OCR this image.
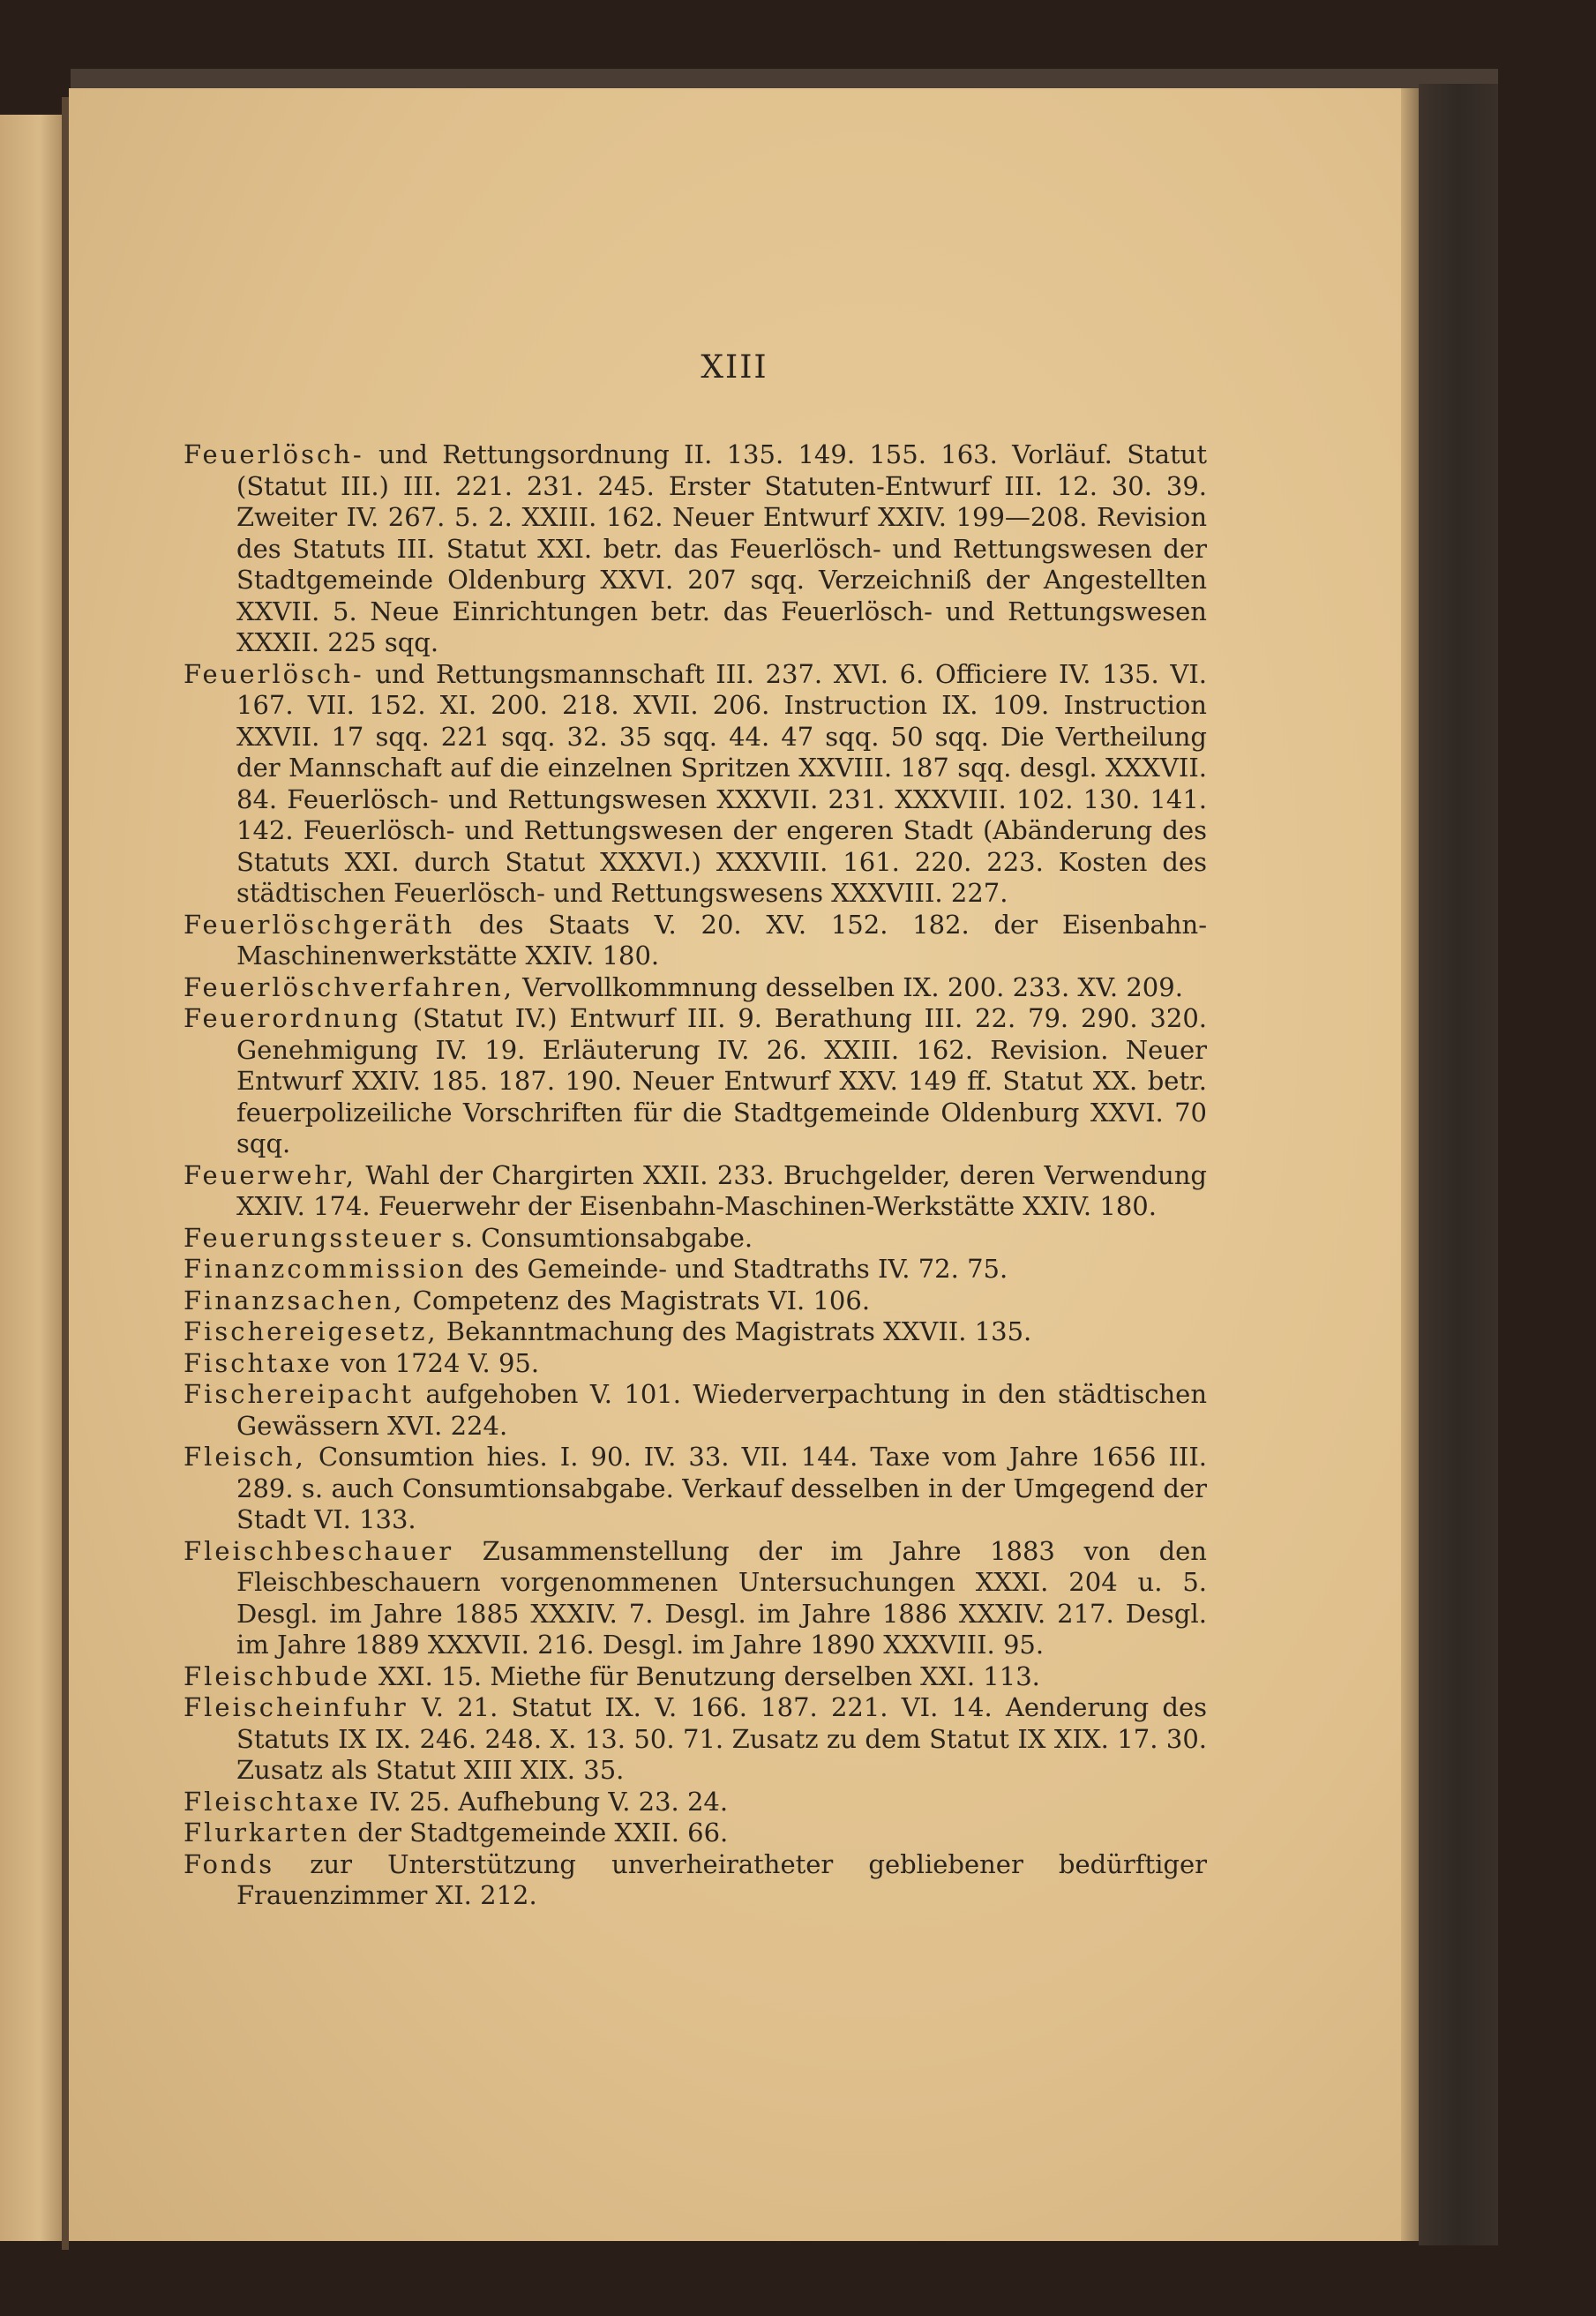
XIII

Feuerlösch- und Rettungsordnung II. 135. 149. 155. 163. Vorläuf. Statut (Statut III.) III. 221. 231. 245. Erster Statuten-Entwurf III. 12. 30. 39. Zweiter IV. 267. 5. 2. XXIII. 162. Neuer Entwurf XXIV. 199—208. Revision des Statuts III. Statut XXI. betr. das Feuerlösch- und Rettungswesen der Stadtgemeinde Oldenburg XXVI. 207 sqq. Verzeichniß der Angestellten XXVII. 5. Neue Einrichtungen betr. das Feuerlösch- und Rettungswesen XXXII. 225 sqq.

Feuerlösch- und Rettungsmannschaft III. 237. XVI. 6. Officiere IV. 135. VI. 167. VII. 152. XI. 200. 218. XVII. 206. Instruction IX. 109. Instruction XXVII. 17 sqq. 221 sqq. 32. 35 sqq. 44. 47 sqq. 50 sqq. Die Vertheilung der Mannschaft auf die einzelnen Spritzen XXVIII. 187 sqq. desgl. XXXVII. 84. Feuerlösch- und Rettungswesen XXXVII. 231. XXXVIII. 102. 130. 141. 142. Feuerlösch- und Rettungswesen der engeren Stadt (Abänderung des Statuts XXI. durch Statut XXXVI.) XXXVIII. 161. 220. 223. Kosten des städtischen Feuerlösch- und Rettungswesens XXXVIII. 227.

Feuerlöschgeräth des Staats V. 20. XV. 152. 182. der Eisenbahn-Maschinenwerkstätte XXIV. 180.

Feuerlöschverfahren, Vervollkommnung desselben IX. 200. 233. XV. 209.

Feuerordnung (Statut IV.) Entwurf III. 9. Berathung III. 22. 79. 290. 320. Genehmigung IV. 19. Erläuterung IV. 26. XXIII. 162. Revision. Neuer Entwurf XXIV. 185. 187. 190. Neuer Entwurf XXV. 149 ff. Statut XX. betr. feuerpolizeiliche Vorschriften für die Stadtgemeinde Oldenburg XXVI. 70 sqq.

Feuerwehr, Wahl der Chargirten XXII. 233. Bruchgelder, deren Verwendung XXIV. 174. Feuerwehr der Eisenbahn-Maschinen-Werkstätte XXIV. 180.

Feuerungssteuer s. Consumtionsabgabe.

Finanzcommission des Gemeinde- und Stadtraths IV. 72. 75.

Finanzsachen, Competenz des Magistrats VI. 106.

Fischereigesetz, Bekanntmachung des Magistrats XXVII. 135.

Fischtaxe von 1724 V. 95.

Fischereipacht aufgehoben V. 101. Wiederverpachtung in den städtischen Gewässern XVI. 224.

Fleisch, Consumtion hies. I. 90. IV. 33. VII. 144. Taxe vom Jahre 1656 III. 289. s. auch Consumtionsabgabe. Verkauf desselben in der Umgegend der Stadt VI. 133.

Fleischbeschauer Zusammenstellung der im Jahre 1883 von den Fleischbeschauern vorgenommenen Untersuchungen XXXI. 204 u. 5. Desgl. im Jahre 1885 XXXIV. 7. Desgl. im Jahre 1886 XXXIV. 217. Desgl. im Jahre 1889 XXXVII. 216. Desgl. im Jahre 1890 XXXVIII. 95.

Fleischbude XXI. 15. Miethe für Benutzung derselben XXI. 113.

Fleischeinfuhr V. 21. Statut IX. V. 166. 187. 221. VI. 14. Aenderung des Statuts IX IX. 246. 248. X. 13. 50. 71. Zusatz zu dem Statut IX XIX. 17. 30. Zusatz als Statut XIII XIX. 35.

Fleischtaxe IV. 25. Aufhebung V. 23. 24.

Flurkarten der Stadtgemeinde XXII. 66.

Fonds zur Unterstützung unverheiratheter gebliebener bedürftiger Frauenzimmer XI. 212.
